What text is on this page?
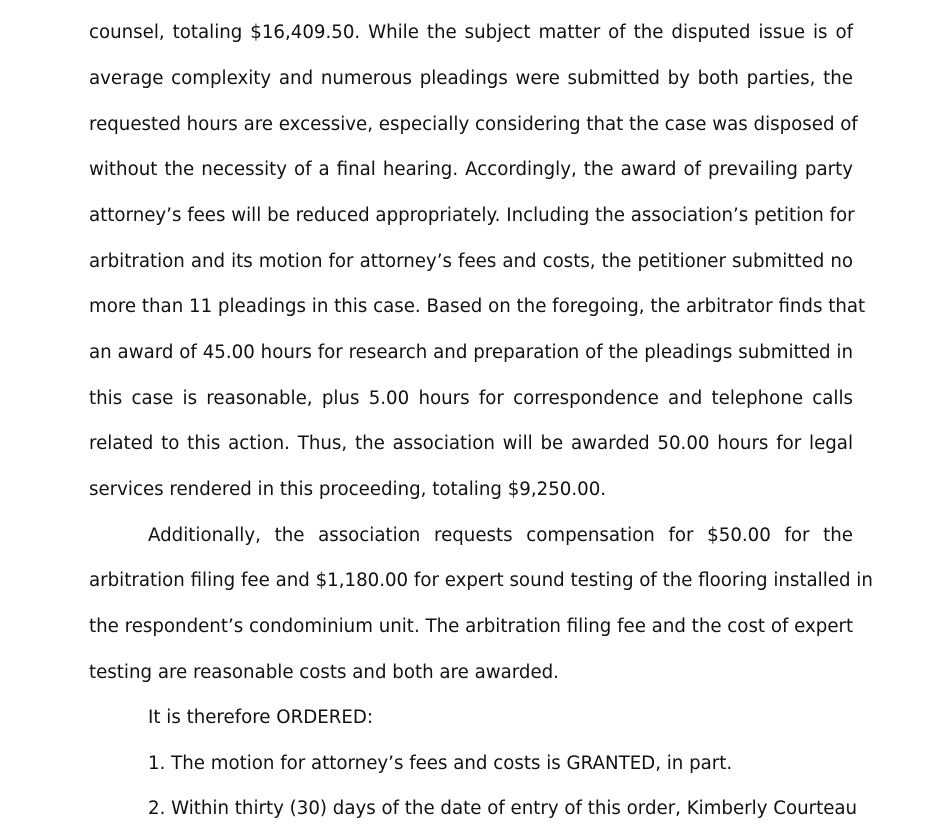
counsel, totaling $16,409.50. While the subject matter of the disputed issue is of
average complexity and numerous pleadings were submitted by both parties, the
requested hours are excessive, especially considering that the case was disposed of
without the necessity of a final hearing. Accordingly, the award of prevailing party
attorney’s fees will be reduced appropriately. Including the association’s petition for
arbitration and its motion for attorney’s fees and costs, the petitioner submitted no
more than 11 pleadings in this case. Based on the foregoing, the arbitrator finds that
an award of 45.00 hours for research and preparation of the pleadings submitted in
this case is reasonable, plus 5.00 hours for correspondence and telephone calls
related to this action. Thus, the association will be awarded 50.00 hours for legal
services rendered in this proceeding, totaling $9,250.00.
Additionally, the association requests compensation for $50.00 for the
arbitration filing fee and $1,180.00 for expert sound testing of the flooring installed in
the respondent’s condominium unit. The arbitration filing fee and the cost of expert
testing are reasonable costs and both are awarded.
It is therefore ORDERED:
1. The motion for attorney’s fees and costs is GRANTED, in part.
2. Within thirty (30) days of the date of entry of this order, Kimberly Courteau
